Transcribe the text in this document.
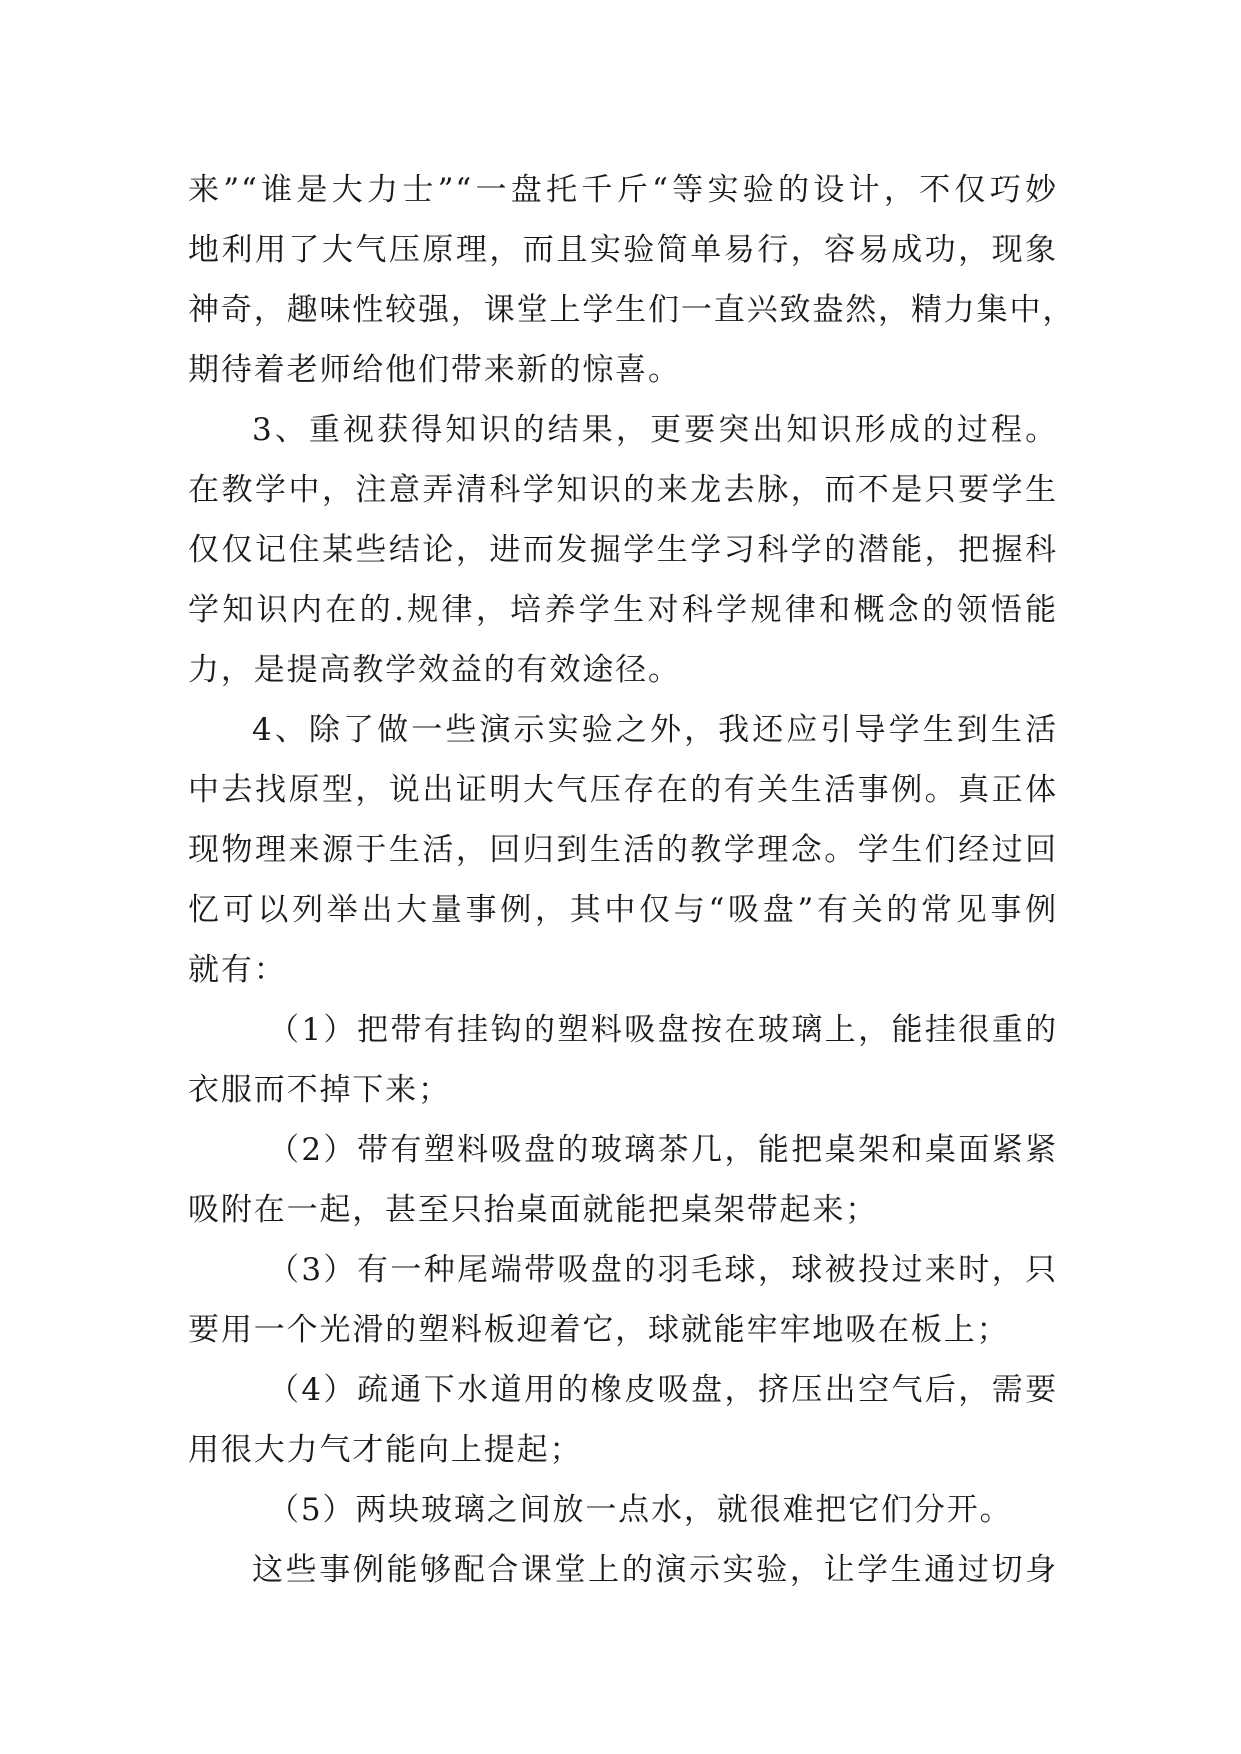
来”“谁是大力士”“一盘托千斤“等实验的设计，不仅巧妙
地利用了大气压原理，而且实验简单易行，容易成功，现象
神奇，趣味性较强，课堂上学生们一直兴致盎然，精力集中，
期待着老师给他们带来新的惊喜。
3、重视获得知识的结果，更要突出知识形成的过程。
在教学中，注意弄清科学知识的来龙去脉，而不是只要学生
仅仅记住某些结论，进而发掘学生学习科学的潜能，把握科
学知识内在的.规律，培养学生对科学规律和概念的领悟能
力，是提高教学效益的有效途径。
4、除了做一些演示实验之外，我还应引导学生到生活
中去找原型，说出证明大气压存在的有关生活事例。真正体
现物理来源于生活，回归到生活的教学理念。学生们经过回
忆可以列举出大量事例，其中仅与“吸盘”有关的常见事例
就有：
（1）把带有挂钩的塑料吸盘按在玻璃上，能挂很重的
衣服而不掉下来；
（2）带有塑料吸盘的玻璃茶几，能把桌架和桌面紧紧
吸附在一起，甚至只抬桌面就能把桌架带起来；
（3）有一种尾端带吸盘的羽毛球，球被投过来时，只
要用一个光滑的塑料板迎着它，球就能牢牢地吸在板上；
（4）疏通下水道用的橡皮吸盘，挤压出空气后，需要
用很大力气才能向上提起；
（5）两块玻璃之间放一点水，就很难把它们分开。
这些事例能够配合课堂上的演示实验，让学生通过切身
